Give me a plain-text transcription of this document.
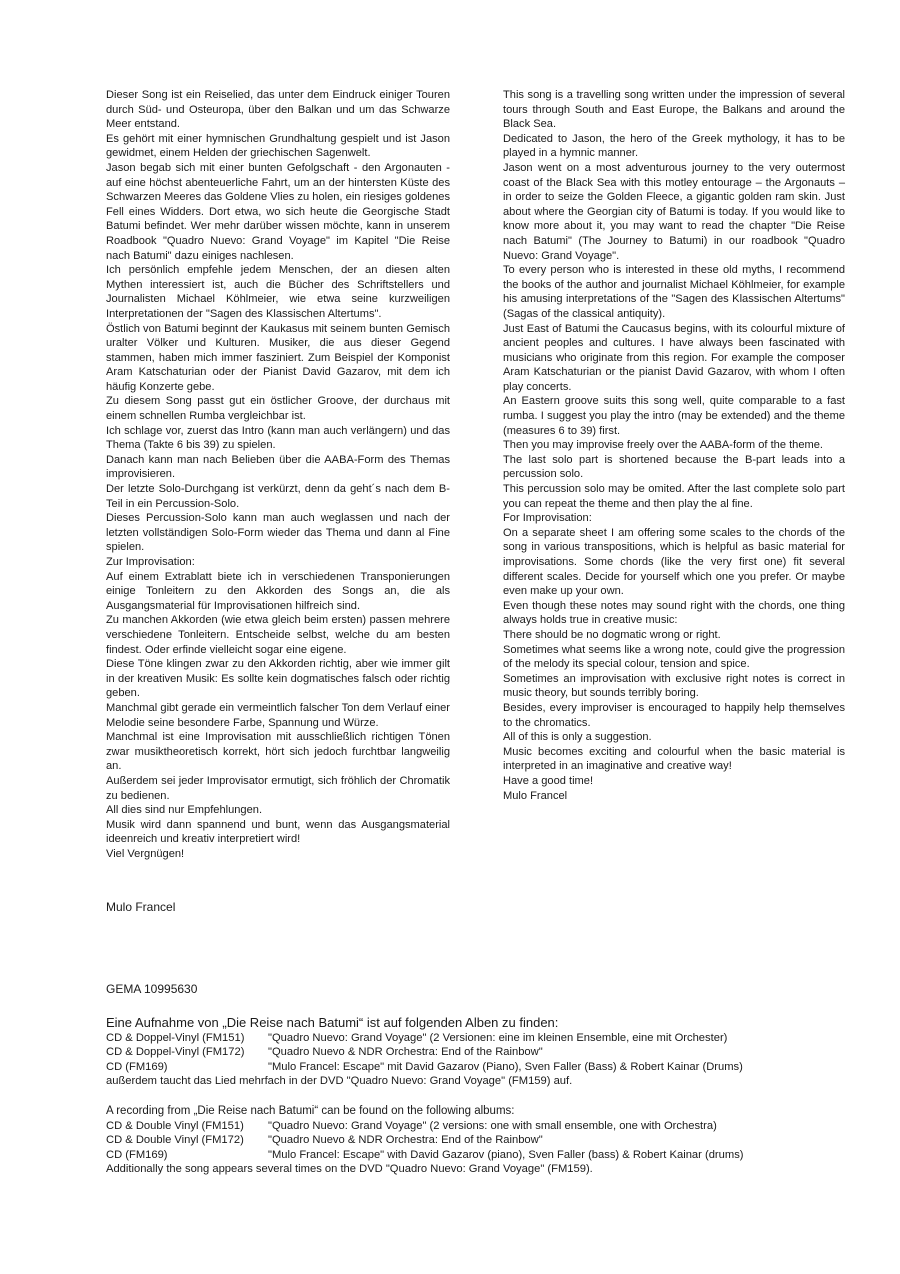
Dieser Song ist ein Reiselied, das unter dem Eindruck einiger Touren durch Süd- und Osteuropa, über den Balkan und um das Schwarze Meer entstand.

Es gehört mit einer hymnischen Grundhaltung gespielt und ist Jason gewidmet, einem Helden der griechischen Sagenwelt.

Jason begab sich mit einer bunten Gefolgschaft - den Argonauten - auf eine höchst abenteuerliche Fahrt, um an der hintersten Küste des Schwarzen Meeres das Goldene Vlies zu holen, ein riesiges goldenes Fell eines Widders. Dort etwa, wo sich heute die Georgische Stadt Batumi befindet. Wer mehr darüber wissen möchte, kann in unserem Roadbook "Quadro Nuevo: Grand Voyage" im Kapitel "Die Reise nach Batumi" dazu einiges nachlesen.

Ich persönlich empfehle jedem Menschen, der an diesen alten Mythen interessiert ist, auch die Bücher des Schriftstellers und Journalisten Michael Köhlmeier, wie etwa seine kurzweiligen Interpretationen der "Sagen des Klassischen Altertums".

Östlich von Batumi beginnt der Kaukasus mit seinem bunten Gemisch uralter Völker und Kulturen. Musiker, die aus dieser Gegend stammen, haben mich immer fasziniert. Zum Beispiel der Komponist Aram Katschaturian oder der Pianist David Gazarov, mit dem ich häufig Konzerte gebe.

Zu diesem Song passt gut ein östlicher Groove, der durchaus mit einem schnellen Rumba vergleichbar ist.

Ich schlage vor, zuerst das Intro (kann man auch verlängern) und das Thema (Takte 6 bis 39) zu spielen.

Danach kann man nach Belieben über die AABA-Form des Themas improvisieren.

Der letzte Solo-Durchgang ist verkürzt, denn da geht´s nach dem B-Teil in ein Percussion-Solo.

Dieses Percussion-Solo kann man auch weglassen und nach der letzten vollständigen Solo-Form wieder das Thema und dann al Fine spielen.

Zur Improvisation:

Auf einem Extrablatt biete ich in verschiedenen Transponierungen einige Tonleitern zu den Akkorden des Songs an, die als Ausgangsmaterial für Improvisationen hilfreich sind.

Zu manchen Akkorden (wie etwa gleich beim ersten) passen mehrere verschiedene Tonleitern. Entscheide selbst, welche du am besten findest. Oder erfinde vielleicht sogar eine eigene.

Diese Töne klingen zwar zu den Akkorden richtig, aber wie immer gilt in der kreativen Musik: Es sollte kein dogmatisches falsch oder richtig geben.

Manchmal gibt gerade ein vermeintlich falscher Ton dem Verlauf einer Melodie seine besondere Farbe, Spannung und Würze.

Manchmal ist eine Improvisation mit ausschließlich richtigen Tönen zwar musiktheoretisch korrekt, hört sich jedoch furchtbar langweilig an.

Außerdem sei jeder Improvisator ermutigt, sich fröhlich der Chromatik zu bedienen.

All dies sind nur Empfehlungen.

Musik wird dann spannend und bunt, wenn das Ausgangsmaterial ideenreich und kreativ interpretiert wird!

Viel Vergnügen!

Mulo Francel

This song is a travelling song written under the impression of several tours through South and East Europe, the Balkans and around the Black Sea.

Dedicated to Jason, the hero of the Greek mythology, it has to be played in a hymnic manner.

Jason went on a most adventurous journey to the very outermost coast of the Black Sea with this motley entourage – the Argonauts – in order to seize the Golden Fleece, a gigantic golden ram skin. Just about where the Georgian city of Batumi is today. If you would like to know more about it, you may want to read the chapter "Die Reise nach Batumi" (The Journey to Batumi) in our roadbook "Quadro Nuevo: Grand Voyage".

To every person who is interested in these old myths, I recommend the books of the author and journalist Michael Köhlmeier, for example his amusing interpretations of the "Sagen des Klassischen Altertums" (Sagas of the classical antiquity).

Just East of Batumi the Caucasus begins, with its colourful mixture of ancient peoples and cultures. I have always been fascinated with musicians who originate from this region. For example the composer Aram Katschaturian or the pianist David Gazarov, with whom I often play concerts.

An Eastern groove suits this song well, quite comparable to a fast rumba. I suggest you play the intro (may be extended) and the theme (measures 6 to 39) first.

Then you may improvise freely over the AABA-form of the theme.

The last solo part is shortened because the B-part leads into a percussion solo.

This percussion solo may be omited. After the last complete solo part you can repeat the theme and then play the al fine.

For Improvisation:

On a separate sheet I am offering some scales to the chords of the song in various transpositions, which is helpful as basic material for improvisations. Some chords (like the very first one) fit several different scales. Decide for yourself which one you prefer. Or maybe even make up your own.

Even though these notes may sound right with the chords, one thing always holds true in creative music:

There should be no dogmatic wrong or right.

Sometimes what seems like a wrong note, could give the progression of the melody its special colour, tension and spice.

Sometimes an improvisation with exclusive right notes is correct in music theory, but sounds terribly boring.

Besides, every improviser is encouraged to happily help themselves to the chromatics.

All of this is only a suggestion.

Music becomes exciting and colourful when the basic material is interpreted in an imaginative and creative way!

Have a good time!

Mulo Francel

GEMA 10995630
Eine Aufnahme von „Die Reise nach Batumi“ ist auf folgenden Alben zu finden:
CD & Doppel-Vinyl (FM151)	"Quadro Nuevo: Grand Voyage" (2 Versionen: eine im kleinen Ensemble, eine mit Orchester)
CD & Doppel-Vinyl (FM172)	"Quadro Nuevo & NDR Orchestra: End of the Rainbow"
CD (FM169)	"Mulo Francel: Escape" mit David Gazarov (Piano), Sven Faller (Bass) & Robert Kainar (Drums)
außerdem taucht das Lied mehrfach in der DVD "Quadro Nuevo: Grand Voyage" (FM159) auf.
A recording from „Die Reise nach Batumi“ can be found on the following albums:
CD & Double Vinyl (FM151)	"Quadro Nuevo: Grand Voyage" (2 versions: one with small ensemble, one with Orchestra)
CD & Double Vinyl (FM172)	"Quadro Nuevo & NDR Orchestra: End of the Rainbow"
CD (FM169)	"Mulo Francel: Escape" with David Gazarov (piano), Sven Faller (bass) & Robert Kainar (drums)
Additionally the song appears several times on the DVD "Quadro Nuevo: Grand Voyage" (FM159).
